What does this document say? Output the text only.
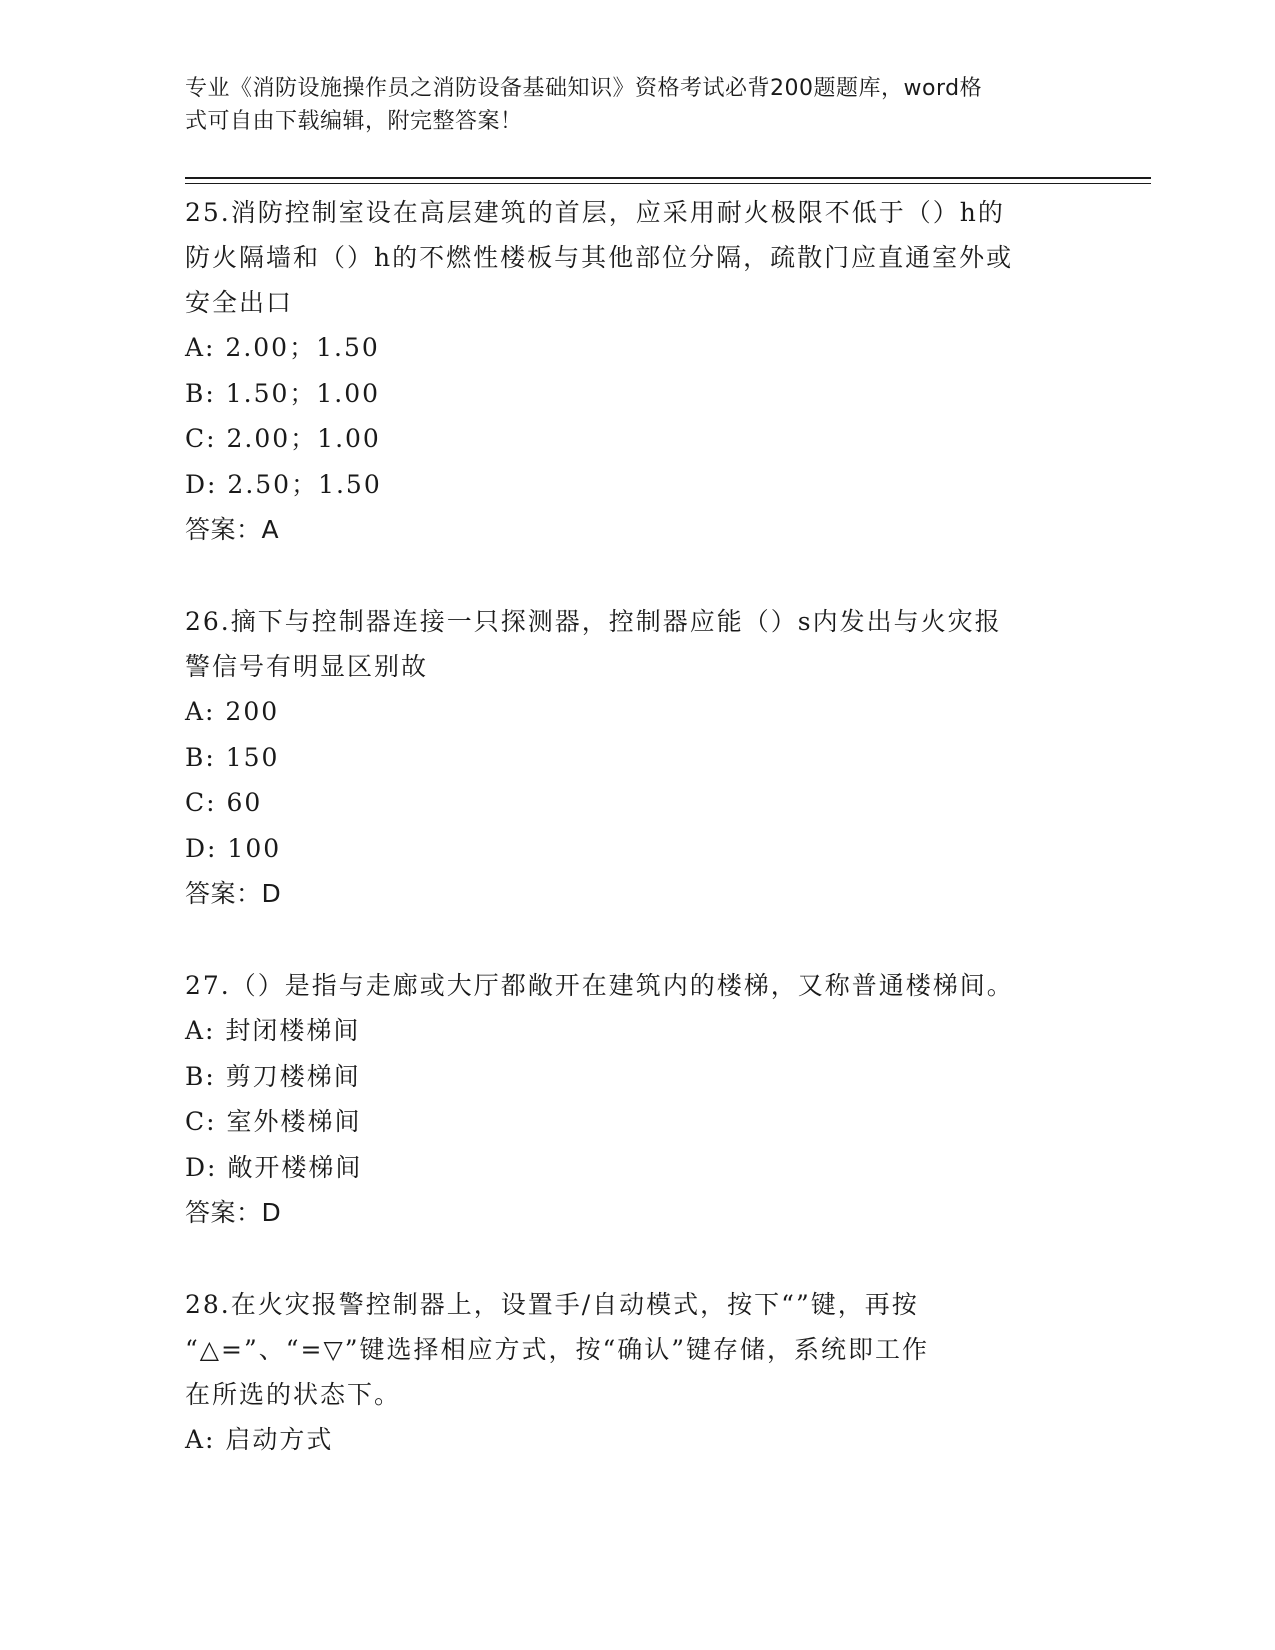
专业《消防设施操作员之消防设备基础知识》资格考试必背200题题库，word格
式可自由下载编辑，附完整答案！
25.消防控制室设在高层建筑的首层，应采用耐火极限不低于（）h的
防火隔墙和（）h的不燃性楼板与其他部位分隔，疏散门应直通室外或
安全出口
A: 2.00；1.50
B: 1.50；1.00
C: 2.00；1.00
D: 2.50；1.50
答案：A
26.摘下与控制器连接一只探测器，控制器应能（）s内发出与火灾报
警信号有明显区别故
A: 200
B: 150
C: 60
D: 100
答案：D
27.（）是指与走廊或大厅都敞开在建筑内的楼梯，又称普通楼梯间。
A: 封闭楼梯间
B: 剪刀楼梯间
C: 室外楼梯间
D: 敞开楼梯间
答案：D
28.在火灾报警控制器上，设置手/自动模式，按下“”键，再按
“△=”、“=▽”键选择相应方式，按“确认”键存储，系统即工作
在所选的状态下。
A: 启动方式
